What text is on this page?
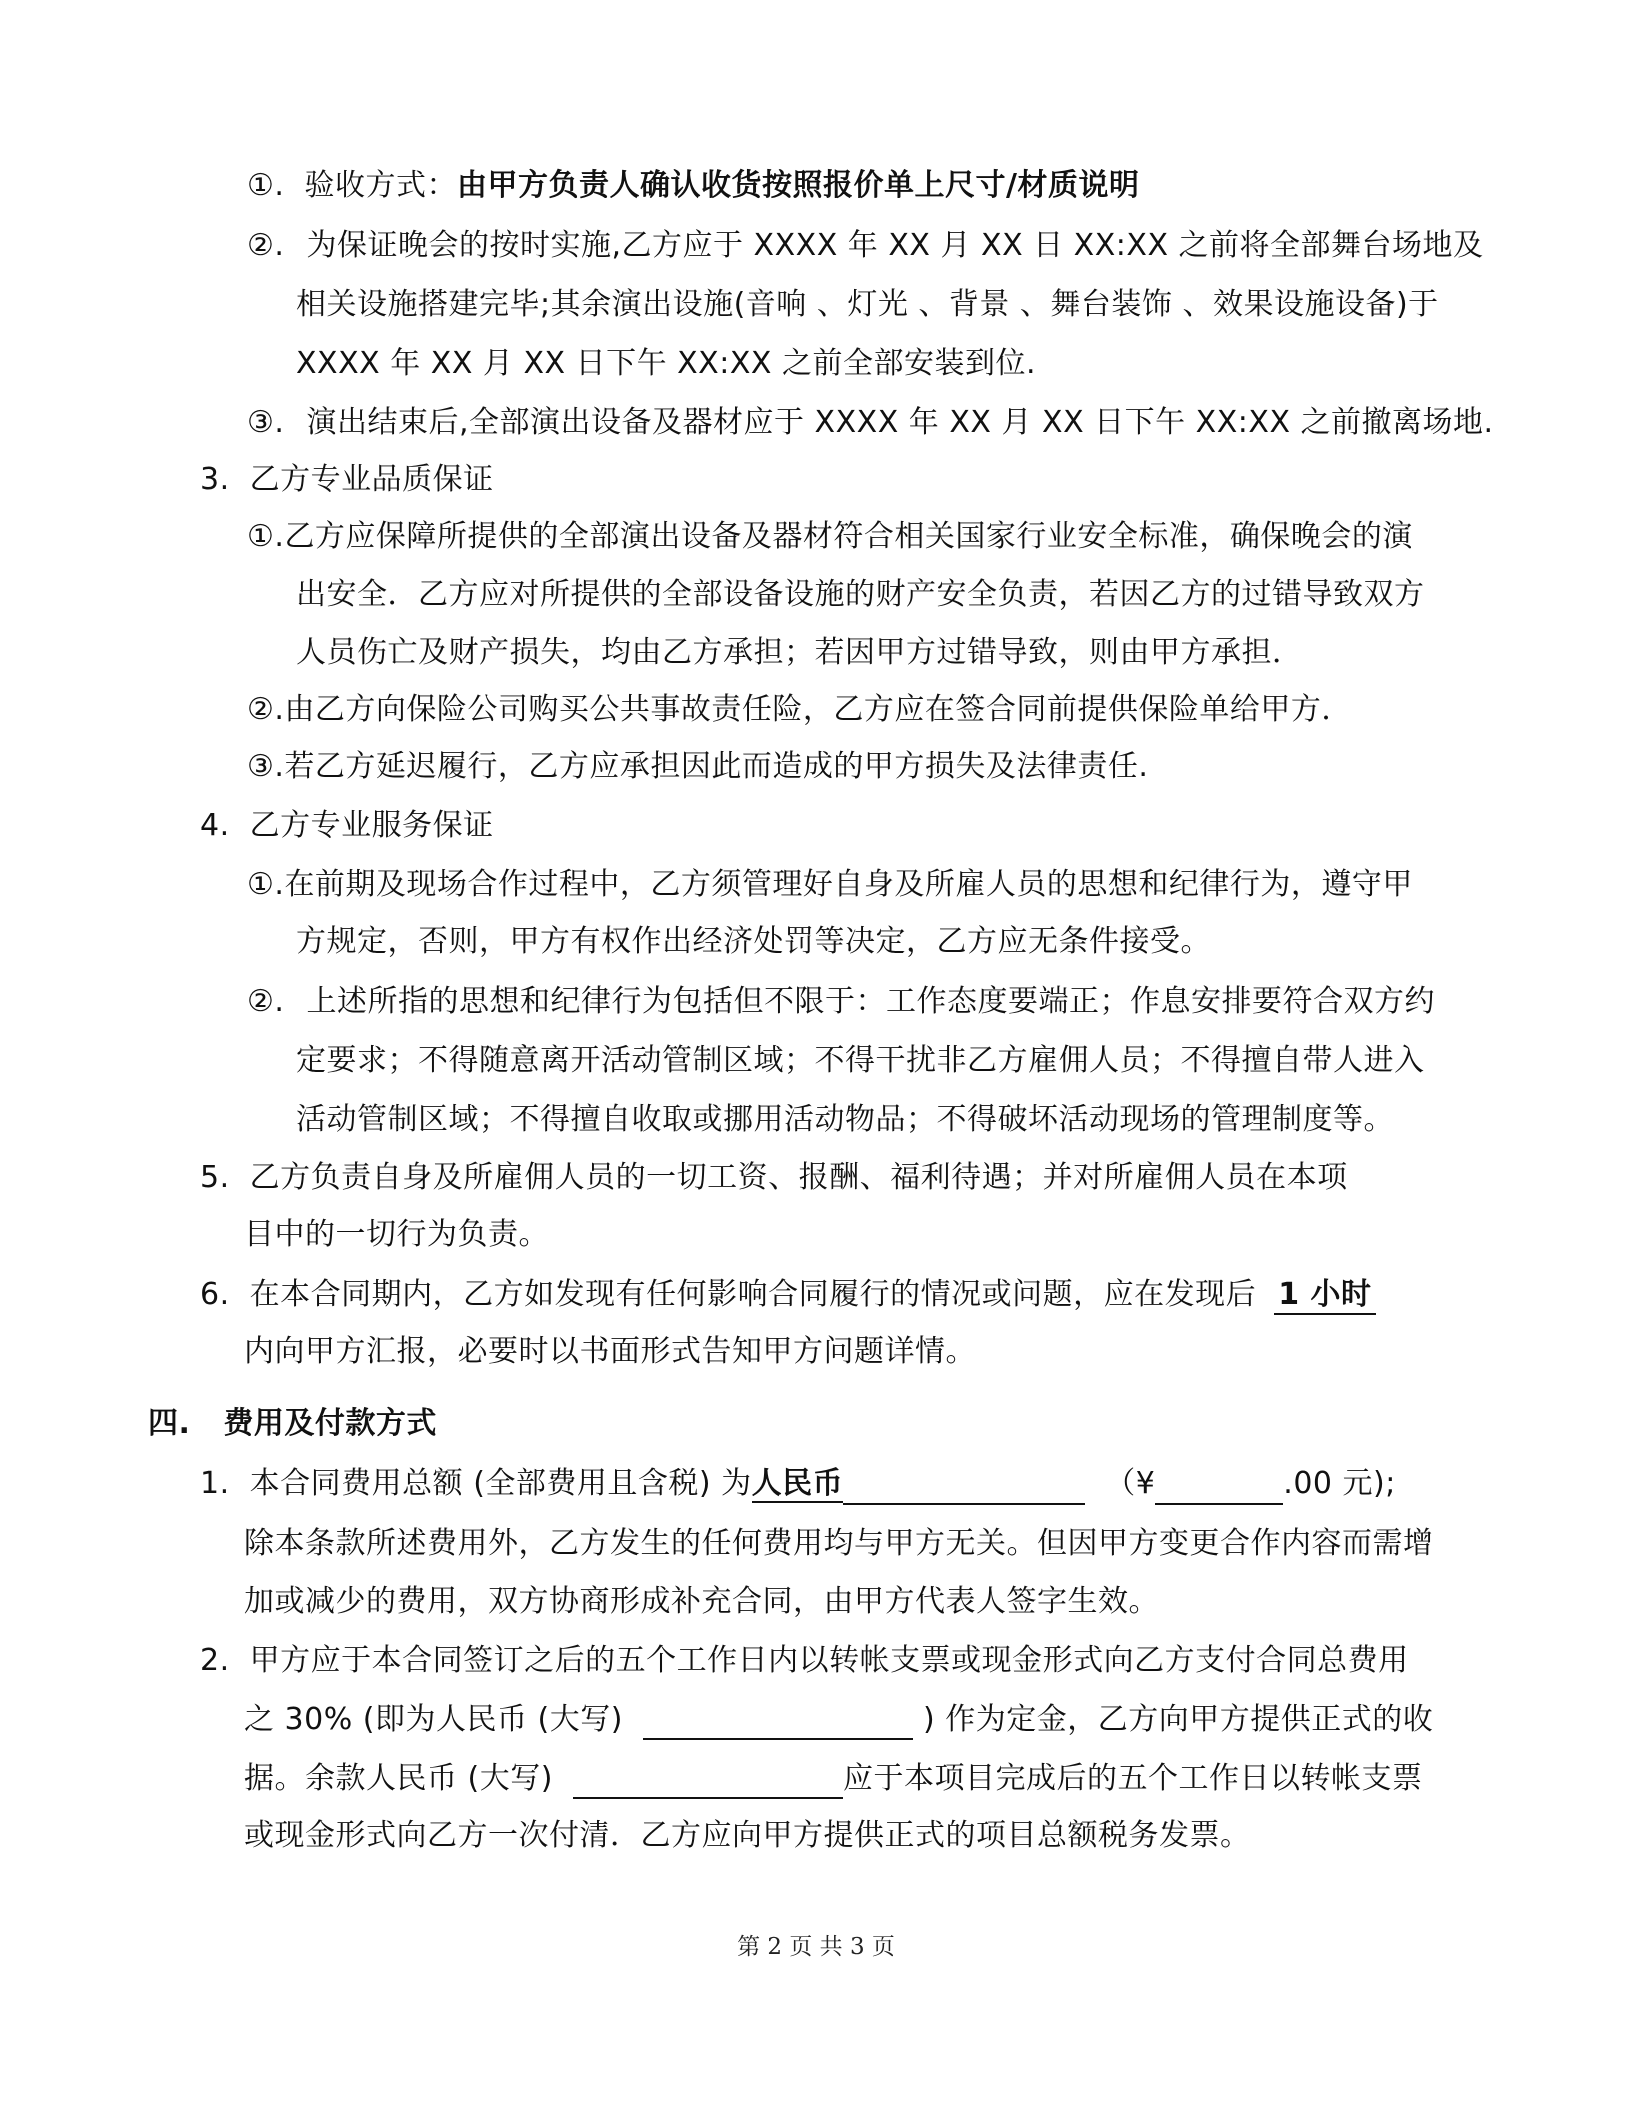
①. 验收方式：由甲方负责人确认收货按照报价单上尺寸/材质说明
②. 为保证晚会的按时实施,乙方应于 XXXX 年 XX 月 XX 日 XX:XX 之前将全部舞台场地及
相关设施搭建完毕;其余演出设施(音响 、灯光 、背景 、舞台装饰 、效果设施设备)于
XXXX 年 XX 月 XX 日下午 XX:XX 之前全部安装到位.
③. 演出结束后,全部演出设备及器材应于 XXXX 年 XX 月 XX 日下午 XX:XX 之前撤离场地.
3. 乙方专业品质保证
①.乙方应保障所提供的全部演出设备及器材符合相关国家行业安全标准，确保晚会的演
出安全．乙方应对所提供的全部设备设施的财产安全负责，若因乙方的过错导致双方
人员伤亡及财产损失，均由乙方承担；若因甲方过错导致，则由甲方承担．
②.由乙方向保险公司购买公共事故责任险，乙方应在签合同前提供保险单给甲方．
③.若乙方延迟履行，乙方应承担因此而造成的甲方损失及法律责任.
4. 乙方专业服务保证
①.在前期及现场合作过程中，乙方须管理好自身及所雇人员的思想和纪律行为，遵守甲
方规定，否则，甲方有权作出经济处罚等决定，乙方应无条件接受。
②. 上述所指的思想和纪律行为包括但不限于：工作态度要端正；作息安排要符合双方约
定要求；不得随意离开活动管制区域；不得干扰非乙方雇佣人员；不得擅自带人进入
活动管制区域；不得擅自收取或挪用活动物品；不得破坏活动现场的管理制度等。
5. 乙方负责自身及所雇佣人员的一切工资、报酬、福利待遇；并对所雇佣人员在本项
目中的一切行为负责。
6. 在本合同期内，乙方如发现有任何影响合同履行的情况或问题，应在发现后 1 小时
内向甲方汇报，必要时以书面形式告知甲方问题详情。
四. 费用及付款方式
1. 本合同费用总额 (全部费用且含税) 为人民币	（¥	.00 元);
除本条款所述费用外，乙方发生的任何费用均与甲方无关。但因甲方变更合作内容而需增
加或减少的费用，双方协商形成补充合同，由甲方代表人签字生效。
2. 甲方应于本合同签订之后的五个工作日内以转帐支票或现金形式向乙方支付合同总费用
之 30% (即为人民币 (大写)	) 作为定金，乙方向甲方提供正式的收
据。余款人民币 (大写)	应于本项目完成后的五个工作日以转帐支票
或现金形式向乙方一次付清．乙方应向甲方提供正式的项目总额税务发票。
第 2 页 共 3 页
